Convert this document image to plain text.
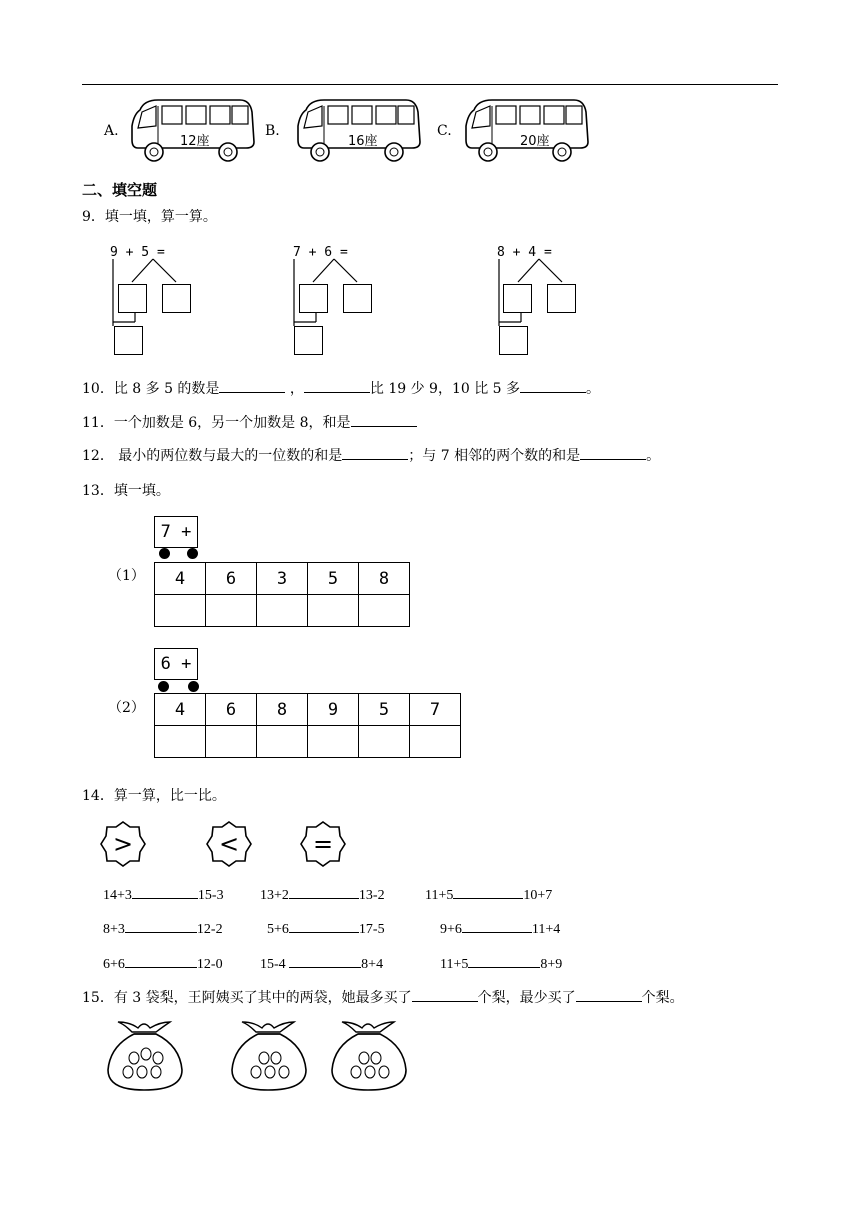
A.
12座
B.
16座
C.
20座
二、填空题
9．填一填，算一算。
9 + 5 =	7 + 6 =	8 + 4 =
10．比 8 多 5 的数是	，	比 19 少 9，10 比 5 多	。
11．一个加数是 6，另一个加数是 8，和是
12． 最小的两位数与最大的一位数的和是	；与 7 相邻的两个数的和是	。
13．填一填。
（1）
7 +
4	6	3	5	8

（2）
6 +
4	6	8	9	5	7

14．算一算，比一比。
>	<	=
14+3	15-3	13+2	13-2	11+5	10+7
8+3	12-2	5+6	17-5	9+6	11+4
6+6	12-0	15-4	8+4	11+5	8+9
15．有 3 袋梨，王阿姨买了其中的两袋，她最多买了	个梨，最少买了	个梨。
